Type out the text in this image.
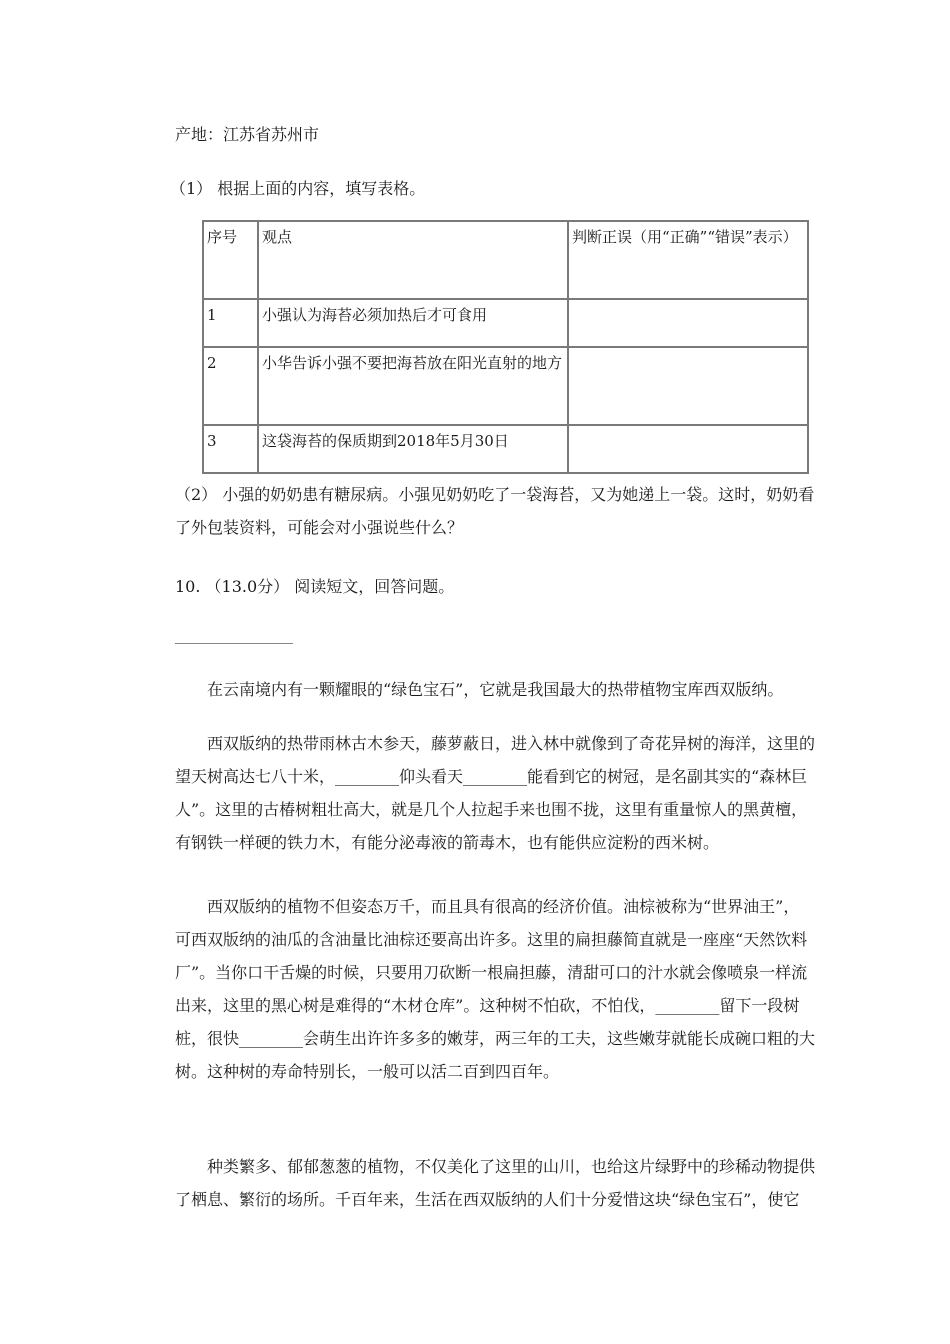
产地：江苏省苏州市
（1） 根据上面的内容，填写表格。
序号	观点	判断正误（用“正确”“错误”表示）
1	小强认为海苔必须加热后才可食用	
2	小华告诉小强不要把海苔放在阳光直射的地方	
3	这袋海苔的保质期到2018年5月30日	
（2） 小强的奶奶患有糖尿病。小强见奶奶吃了一袋海苔，又为她递上一袋。这时，奶奶看了外包装资料，可能会对小强说些什么？
10. （13.0分） 阅读短文，回答问题。
在云南境内有一颗耀眼的“绿色宝石”，它就是我国最大的热带植物宝库西双版纳。
西双版纳的热带雨林古木参天，藤萝蔽日，进入林中就像到了奇花异树的海洋，这里的望天树高达七八十米，________仰头看天________能看到它的树冠，是名副其实的“森林巨人”。这里的古椿树粗壮高大，就是几个人拉起手来也围不拢，这里有重量惊人的黑黄檀，有钢铁一样硬的铁力木，有能分泌毒液的箭毒木，也有能供应淀粉的西米树。
西双版纳的植物不但姿态万千，而且具有很高的经济价值。油棕被称为“世界油王”，可西双版纳的油瓜的含油量比油棕还要高出许多。这里的扁担藤简直就是一座座“天然饮料厂”。当你口干舌燥的时候，只要用刀砍断一根扁担藤，清甜可口的汁水就会像喷泉一样流出来，这里的黑心树是难得的“木材仓库”。这种树不怕砍，不怕伐，________留下一段树桩，很快________会萌生出许许多多的嫩芽，两三年的工夫，这些嫩芽就能长成碗口粗的大树。这种树的寿命特别长，一般可以活二百到四百年。
种类繁多、郁郁葱葱的植物，不仅美化了这里的山川，也给这片绿野中的珍稀动物提供了栖息、繁衍的场所。千百年来，生活在西双版纳的人们十分爱惜这块“绿色宝石”，使它
